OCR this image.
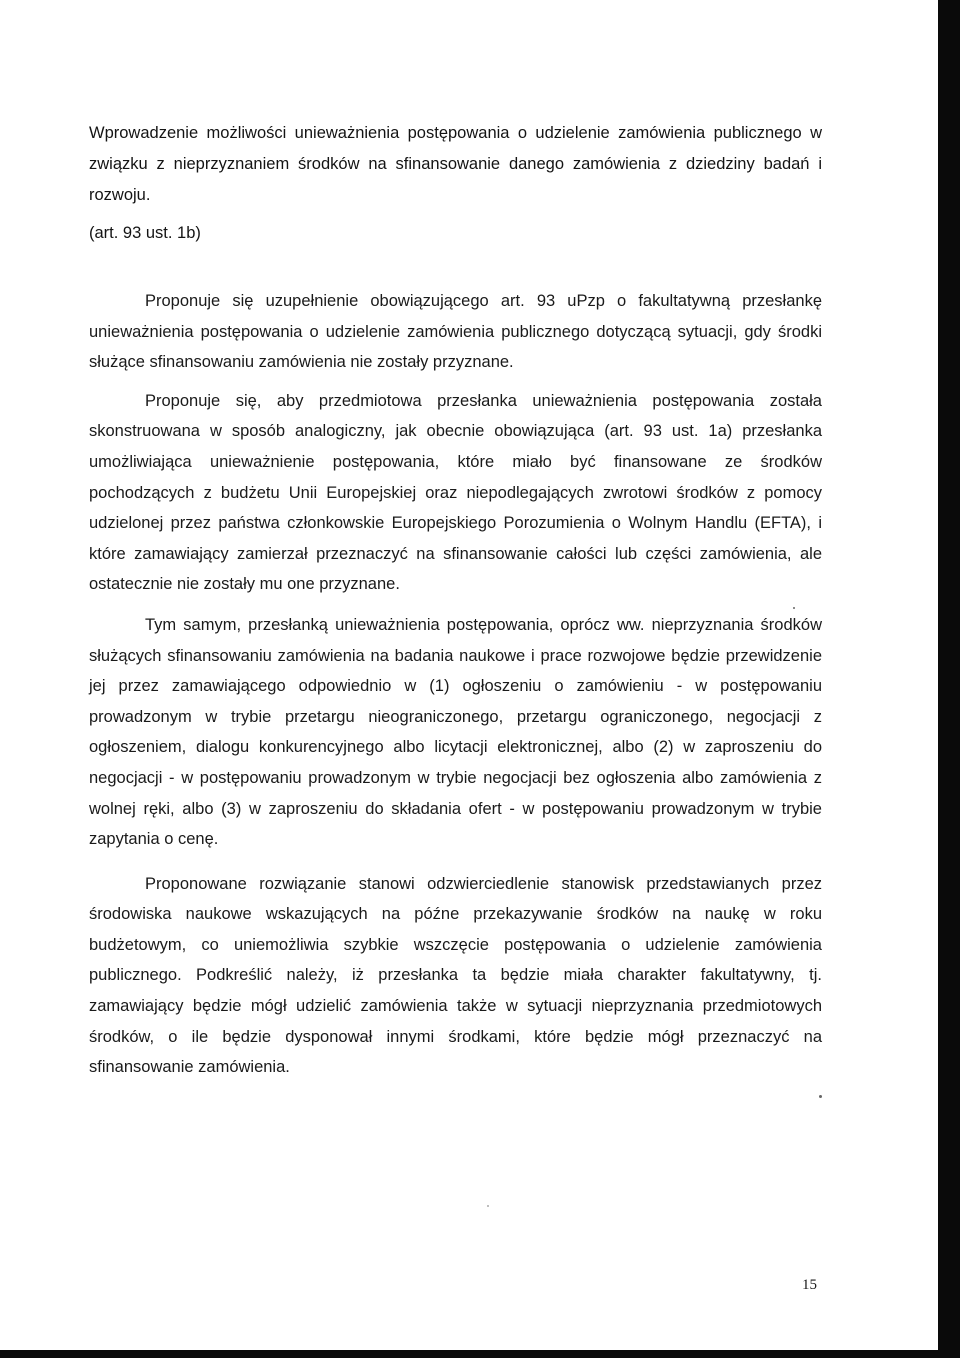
Wprowadzenie możliwości unieważnienia postępowania o udzielenie zamówienia publicznego w związku z nieprzyznaniem środków na sfinansowanie danego zamówienia z dziedziny badań i rozwoju.

(art. 93 ust. 1b)

Proponuje się uzupełnienie obowiązującego art. 93 uPzp o fakultatywną przesłankę unieważnienia postępowania o udzielenie zamówienia publicznego dotyczącą sytuacji, gdy środki służące sfinansowaniu zamówienia nie zostały przyznane.

Proponuje się, aby przedmiotowa przesłanka unieważnienia postępowania została skonstruowana w sposób analogiczny, jak obecnie obowiązująca (art. 93 ust. 1a) przesłanka umożliwiająca unieważnienie postępowania, które miało być finansowane ze środków pochodzących z budżetu Unii Europejskiej oraz niepodlegających zwrotowi środków z pomocy udzielonej przez państwa członkowskie Europejskiego Porozumienia o Wolnym Handlu (EFTA), i które zamawiający zamierzał przeznaczyć na sfinansowanie całości lub części zamówienia, ale ostatecznie nie zostały mu one przyznane.

Tym samym, przesłanką unieważnienia postępowania, oprócz ww. nieprzyznania środków służących sfinansowaniu zamówienia na badania naukowe i prace rozwojowe będzie przewidzenie jej przez zamawiającego odpowiednio w (1) ogłoszeniu o zamówieniu - w postępowaniu prowadzonym w trybie przetargu nieograniczonego, przetargu ograniczonego, negocjacji z ogłoszeniem, dialogu konkurencyjnego albo licytacji elektronicznej, albo (2) w zaproszeniu do negocjacji - w postępowaniu prowadzonym w trybie negocjacji bez ogłoszenia albo zamówienia z wolnej ręki, albo (3) w zaproszeniu do składania ofert - w postępowaniu prowadzonym w trybie zapytania o cenę.

Proponowane rozwiązanie stanowi odzwierciedlenie stanowisk przedstawianych przez środowiska naukowe wskazujących na późne przekazywanie środków na naukę w roku budżetowym, co uniemożliwia szybkie wszczęcie postępowania o udzielenie zamówienia publicznego. Podkreślić należy, iż przesłanka ta będzie miała charakter fakultatywny, tj. zamawiający będzie mógł udzielić zamówienia także w sytuacji nieprzyznania przedmiotowych środków, o ile będzie dysponował innymi środkami, które będzie mógł przeznaczyć na sfinansowanie zamówienia.

15
